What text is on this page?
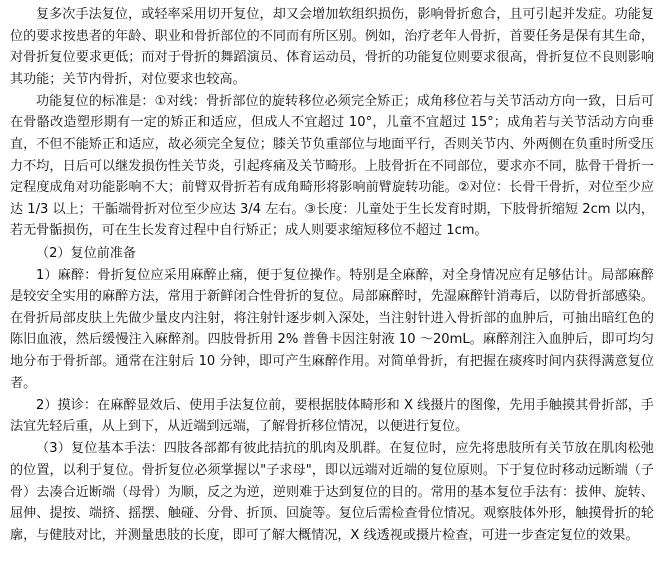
复多次手法复位，或轻率采用切开复位，却又会增加软组织损伤，影响骨折愈合，且可引起并发症。功能复位的要求按患者的年龄、职业和骨折部位的不同而有所区别。例如，治疗老年人骨折，首要任务是保有其生命，对骨折复位要求更低；而对于骨折的舞蹈演员、体育运动员，骨折的功能复位则要求很高，骨折复位不良则影响其功能；关节内骨折，对位要求也较高。

功能复位的标准是：①对线：骨折部位的旋转移位必须完全矫正；成角移位若与关节活动方向一致，日后可在骨骼改造塑形期有一定的矫正和适应，但成人不宜超过 10°，儿童不宜超过 15°；成角若与关节活动方向垂直，不但不能矫正和适应，故必须完全复位；膝关节负重部位与地面平行，否则关节内、外两侧在负重时所受压力不均，日后可以继发损伤性关节炎，引起疼痛及关节畸形。上肢骨折在不同部位，要求亦不同，肱骨干骨折一定程度成角对功能影响不大；前臂双骨折若有成角畸形将影响前臂旋转功能。②对位：长骨干骨折，对位至少应达 1/3 以上；干骺端骨折对位至少应达 3/4 左右。③长度：儿童处于生长发育时期，下肢骨折缩短 2cm 以内，若无骨骺损伤，可在生长发育过程中自行矫正；成人则要求缩短移位不超过 1cm。

（2）复位前准备

1）麻醉：骨折复位应采用麻醉止痛，便于复位操作。特别是全麻醉，对全身情况应有足够估计。局部麻醉是较安全实用的麻醉方法，常用于新鲜闭合性骨折的复位。局部麻醉时，先湿麻醉针消毒后，以防骨折部感染。在骨折局部皮肤上先做少量皮内注射，将注射针逐步刺入深处，当注射针进入骨折部的血肿后，可抽出暗红色的陈旧血液，然后缓慢注入麻醉剂。四肢骨折用 2% 普鲁卡因注射液 10 ～20mL。麻醉剂注入血肿后，即可均匀地分布于骨折部。通常在注射后 10 分钟，即可产生麻醉作用。对简单骨折，有把握在痰疼时间内获得满意复位者。

2）摸诊：在麻醉显效后、使用手法复位前，要根据肢体畸形和 X 线摄片的图像，先用手触摸其骨折部，手法宜先轻后重，从上到下，从近端到远端，了解骨折移位情况，以便进行复位。

（3）复位基本手法：四肢各部都有彼此拮抗的肌肉及肌群。在复位时，应先将患肢所有关节放在肌肉松弛的位置，以利于复位。骨折复位必须掌握以"子求母"，即以远端对近端的复位原则。下于复位时移动远断端（子骨）去凑合近断端（母骨）为顺，反之为逆，逆则难于达到复位的目的。常用的基本复位手法有：拔伸、旋转、屈伸、提按、端挤、摇摆、触碰、分骨、折顶、回旋等。复位后需检查骨位情况。观察肢体外形，触摸骨折的轮廓，与健肢对比，并测量患肢的长度，即可了解大概情况，X 线透视或摄片检查，可进一步查定复位的效果。
